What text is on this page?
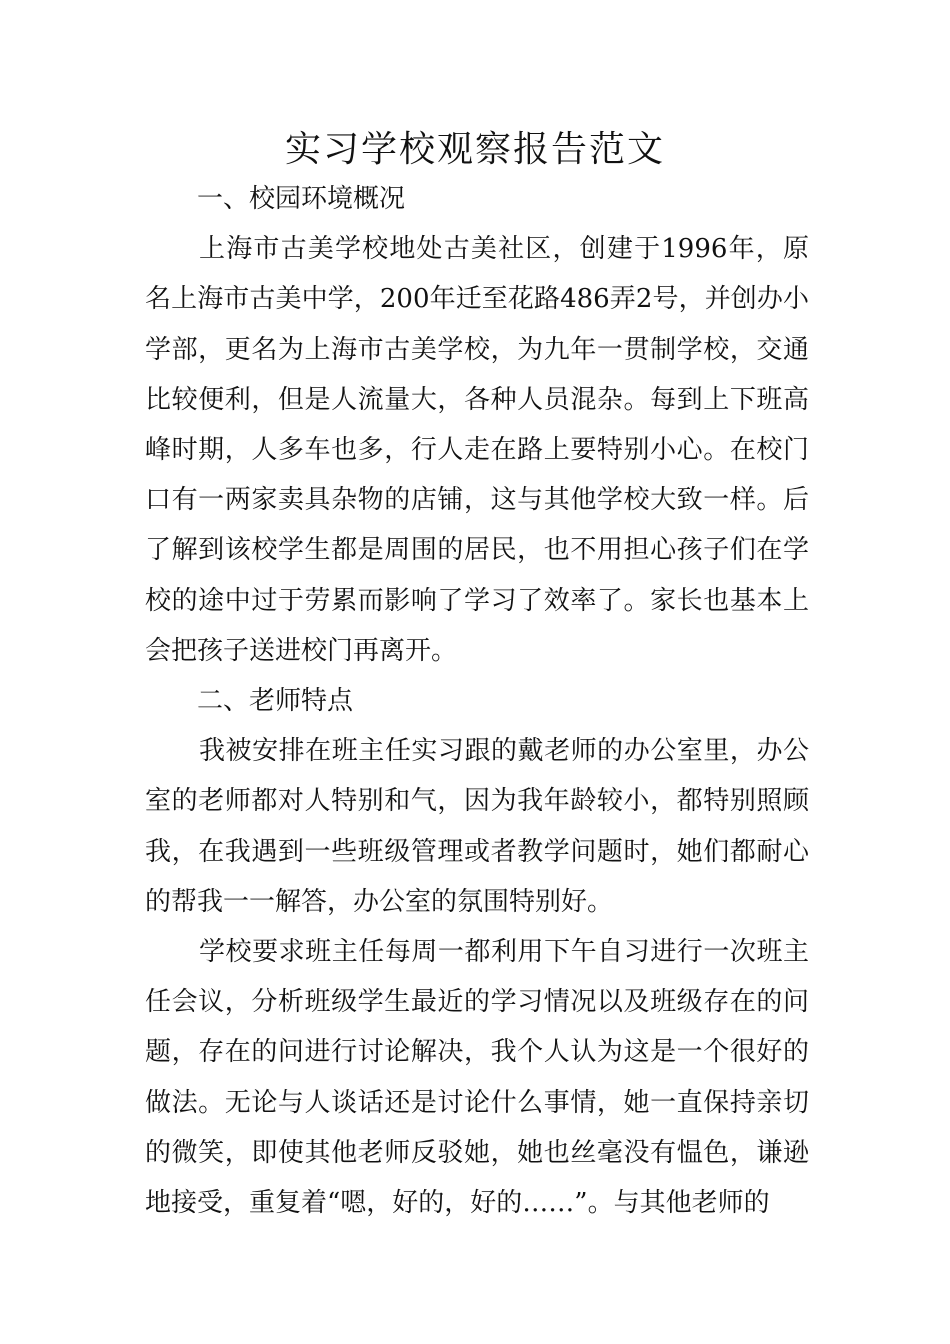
实习学校观察报告范文
一、校园环境概况

上海市古美学校地处古美社区，创建于1996年，原名上海市古美中学，200年迁至花路486弄2号，并创办小学部，更名为上海市古美学校，为九年一贯制学校，交通比较便利，但是人流量大，各种人员混杂。每到上下班高峰时期，人多车也多，行人走在路上要特别小心。在校门口有一两家卖具杂物的店铺，这与其他学校大致一样。后了解到该校学生都是周围的居民，也不用担心孩子们在学校的途中过于劳累而影响了学习了效率了。家长也基本上会把孩子送进校门再离开。

二、老师特点

我被安排在班主任实习跟的戴老师的办公室里，办公室的老师都对人特别和气，因为我年龄较小，都特别照顾我，在我遇到一些班级管理或者教学问题时，她们都耐心的帮我一一解答，办公室的氛围特别好。

学校要求班主任每周一都利用下午自习进行一次班主任会议，分析班级学生最近的学习情况以及班级存在的问题，存在的问进行讨论解决，我个人认为这是一个很好的做法。无论与人谈话还是讨论什么事情，她一直保持亲切的微笑，即使其他老师反驳她，她也丝毫没有愠色，谦逊地接受，重复着“嗯，好的，好的……”。与其他老师的
